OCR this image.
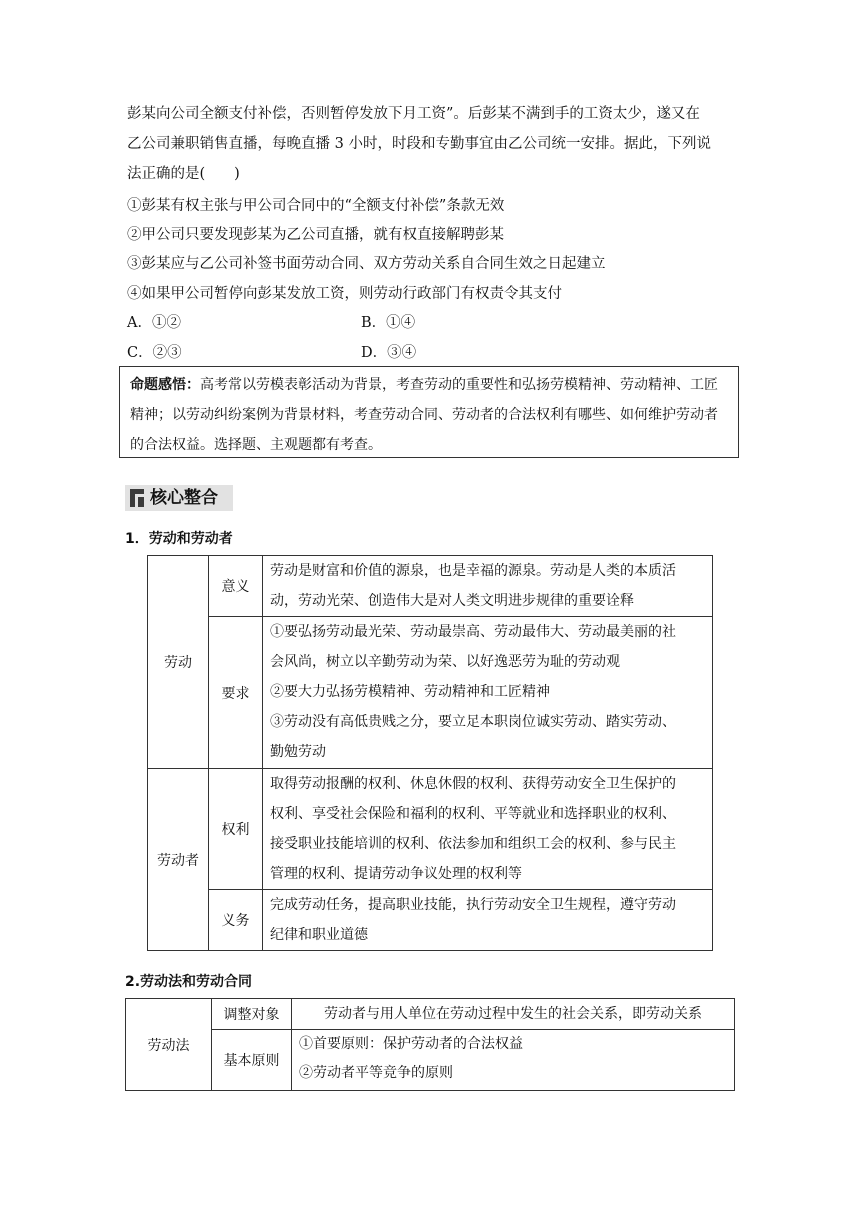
彭某向公司全额支付补偿，否则暂停发放下月工资”。后彭某不满到手的工资太少，遂又在
乙公司兼职销售直播，每晚直播 3 小时，时段和专勤事宜由乙公司统一安排。据此，下列说
法正确的是(　　)
①彭某有权主张与甲公司合同中的“全额支付补偿”条款无效
②甲公司只要发现彭某为乙公司直播，就有权直接解聘彭某
③彭某应与乙公司补签书面劳动合同、双方劳动关系自合同生效之日起建立
④如果甲公司暂停向彭某发放工资，则劳动行政部门有权责令其支付
A．①②	B．①④
C．②③	D．③④
命题感悟：高考常以劳模表彰活动为背景，考查劳动的重要性和弘扬劳模精神、劳动精神、工匠精神；以劳动纠纷案例为背景材料，考查劳动合同、劳动者的合法权利有哪些、如何维护劳动者的合法权益。选择题、主观题都有考查。
核心整合
1．劳动和劳动者
劳动	意义	劳动是财富和价值的源泉，也是幸福的源泉。劳动是人类的本质活
动，劳动光荣、创造伟大是对人类文明进步规律的重要诠释

	要求	①要弘扬劳动最光荣、劳动最崇高、劳动最伟大、劳动最美丽的社
会风尚，树立以辛勤劳动为荣、以好逸恶劳为耻的劳动观
②要大力弘扬劳模精神、劳动精神和工匠精神
③劳动没有高低贵贱之分，要立足本职岗位诚实劳动、踏实劳动、
勤勉劳动

劳动者	权利	取得劳动报酬的权利、休息休假的权利、获得劳动安全卫生保护的
权利、享受社会保险和福利的权利、平等就业和选择职业的权利、
接受职业技能培训的权利、依法参加和组织工会的权利、参与民主
管理的权利、提请劳动争议处理的权利等

	义务	完成劳动任务，提高职业技能，执行劳动安全卫生规程，遵守劳动
纪律和职业道德
2.劳动法和劳动合同
劳动法	调整对象	劳动者与用人单位在劳动过程中发生的社会关系，即劳动关系
	基本原则	①首要原则：保护劳动者的合法权益
②劳动者平等竞争的原则
